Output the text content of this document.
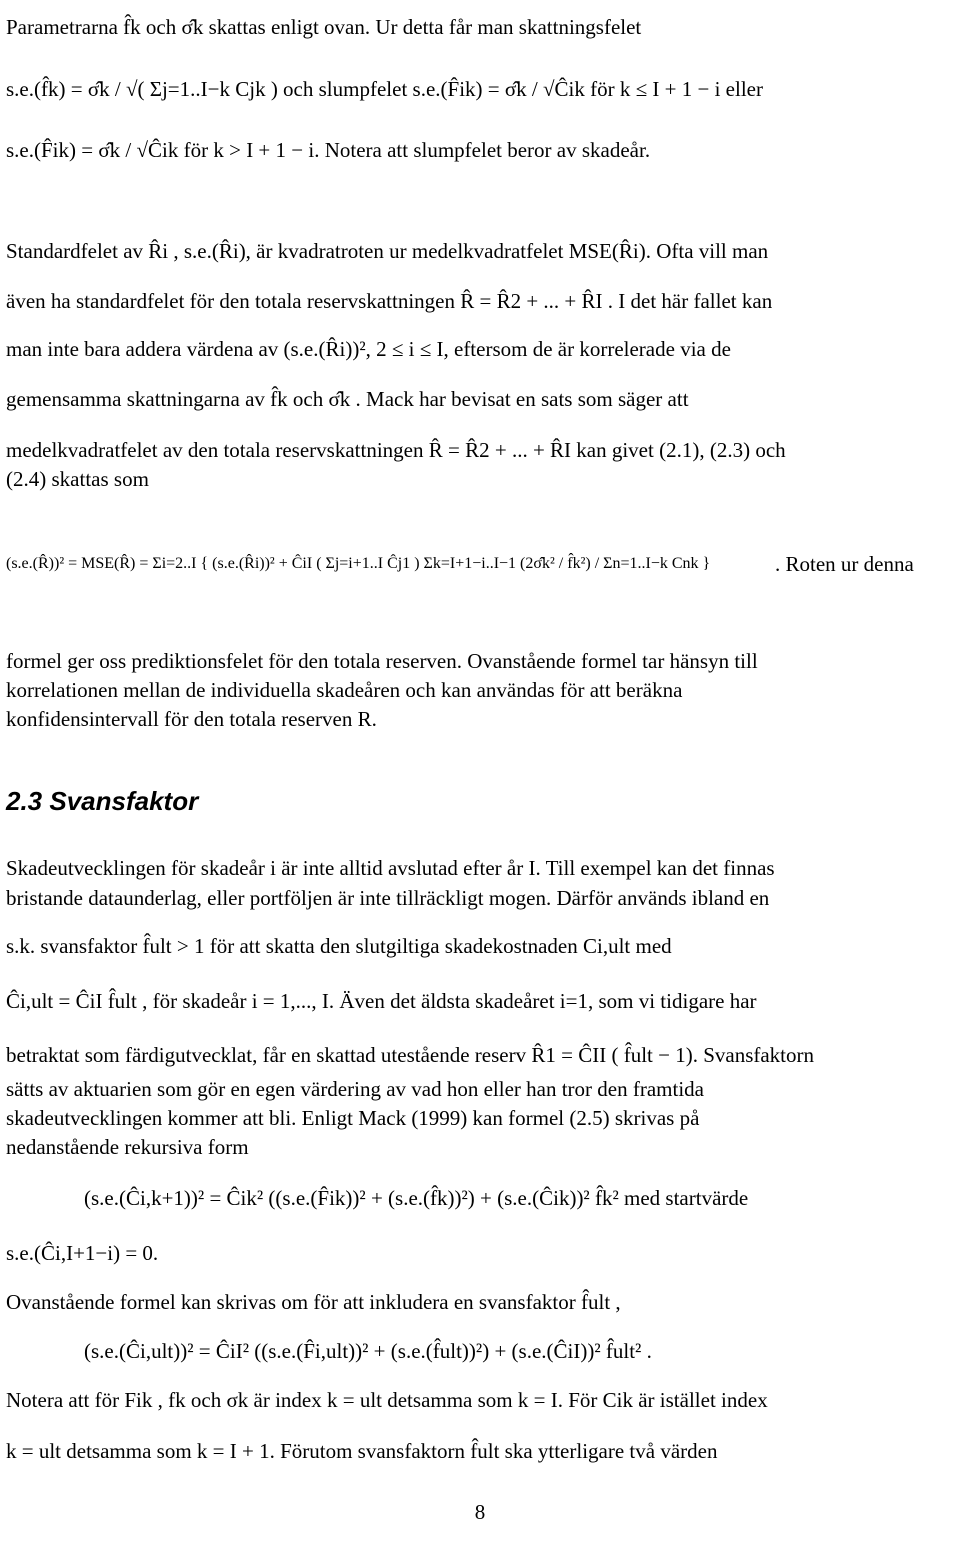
Parametrarna f̂k och σ̂k skattas enligt ovan. Ur detta får man skattningsfelet
s.e.(f̂k) = σ̂k / √( Σj=1..I−k Cjk ) och slumpfelet s.e.(F̂ik) = σ̂k / √Ĉik för k ≤ I + 1 − i eller
s.e.(F̂ik) = σ̂k / √Ĉik för k > I + 1 − i. Notera att slumpfelet beror av skadeår.
Standardfelet av R̂i , s.e.(R̂i), är kvadratroten ur medelkvadratfelet MSE(R̂i). Ofta vill man
även ha standardfelet för den totala reservskattningen R̂ = R̂2 + ... + R̂I . I det här fallet kan
man inte bara addera värdena av (s.e.(R̂i))², 2 ≤ i ≤ I, eftersom de är korrelerade via de
gemensamma skattningarna av f̂k och σ̂k . Mack har bevisat en sats som säger att
medelkvadratfelet av den totala reservskattningen R̂ = R̂2 + ... + R̂I kan givet (2.1), (2.3) och
(2.4) skattas som
(s.e.(R̂))² = MSE(R̂) = Σi=2..I { (s.e.(R̂i))² + ĈiI ( Σj=i+1..I Ĉj1 ) Σk=I+1−i..I−1 (2σ̂k² / f̂k²) / Σn=1..I−k Cnk }	. Roten ur denna
formel ger oss prediktionsfelet för den totala reserven. Ovanstående formel tar hänsyn till
korrelationen mellan de individuella skadeåren och kan användas för att beräkna
konfidensintervall för den totala reserven R.
2.3 Svansfaktor
Skadeutvecklingen för skadeår i är inte alltid avslutad efter år I. Till exempel kan det finnas
bristande dataunderlag, eller portföljen är inte tillräckligt mogen. Därför används ibland en
s.k. svansfaktor f̂ult > 1 för att skatta den slutgiltiga skadekostnaden Ci,ult med
Ĉi,ult = ĈiI f̂ult , för skadeår i = 1,..., I. Även det äldsta skadeåret i=1, som vi tidigare har
betraktat som färdigutvecklat, får en skattad utestående reserv R̂1 = ĈII ( f̂ult − 1). Svansfaktorn
sätts av aktuarien som gör en egen värdering av vad hon eller han tror den framtida
skadeutvecklingen kommer att bli. Enligt Mack (1999) kan formel (2.5) skrivas på
nedanstående rekursiva form
(s.e.(Ĉi,k+1))² = Ĉik² ((s.e.(F̂ik))² + (s.e.(f̂k))²) + (s.e.(Ĉik))² f̂k² med startvärde
s.e.(Ĉi,I+1−i) = 0.
Ovanstående formel kan skrivas om för att inkludera en svansfaktor f̂ult ,
(s.e.(Ĉi,ult))² = ĈiI² ((s.e.(F̂i,ult))² + (s.e.(f̂ult))²) + (s.e.(ĈiI))² f̂ult² .
Notera att för Fik , fk och σk är index k = ult detsamma som k = I. För Cik är istället index
k = ult detsamma som k = I + 1. Förutom svansfaktorn f̂ult ska ytterligare två värden
8
